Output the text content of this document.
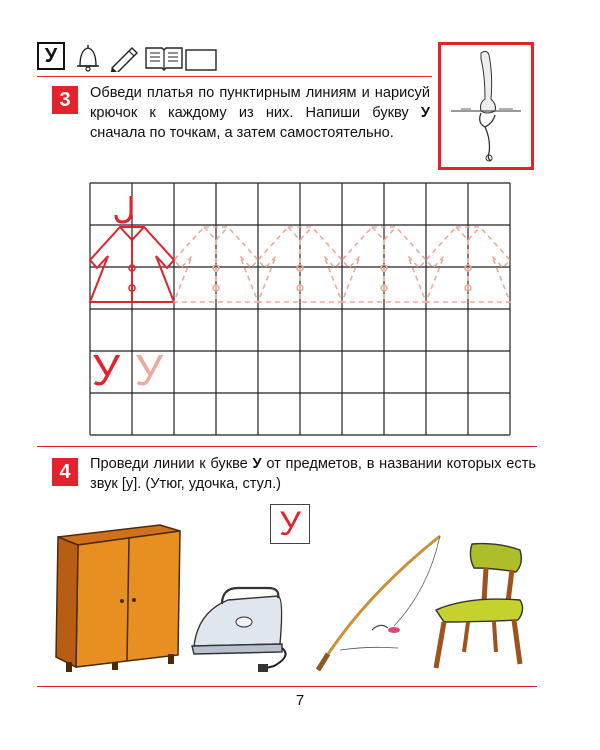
У
3	Обведи платья по пунктирным линиям и нарисуй крючок к каждому из них. Напиши букву У сначала по точкам, а затем самостоятельно.
У У
4	Проведи линии к букве У от предметов, в названии которых есть звук [у]. (Утюг, удочка, стул.)
У
7
